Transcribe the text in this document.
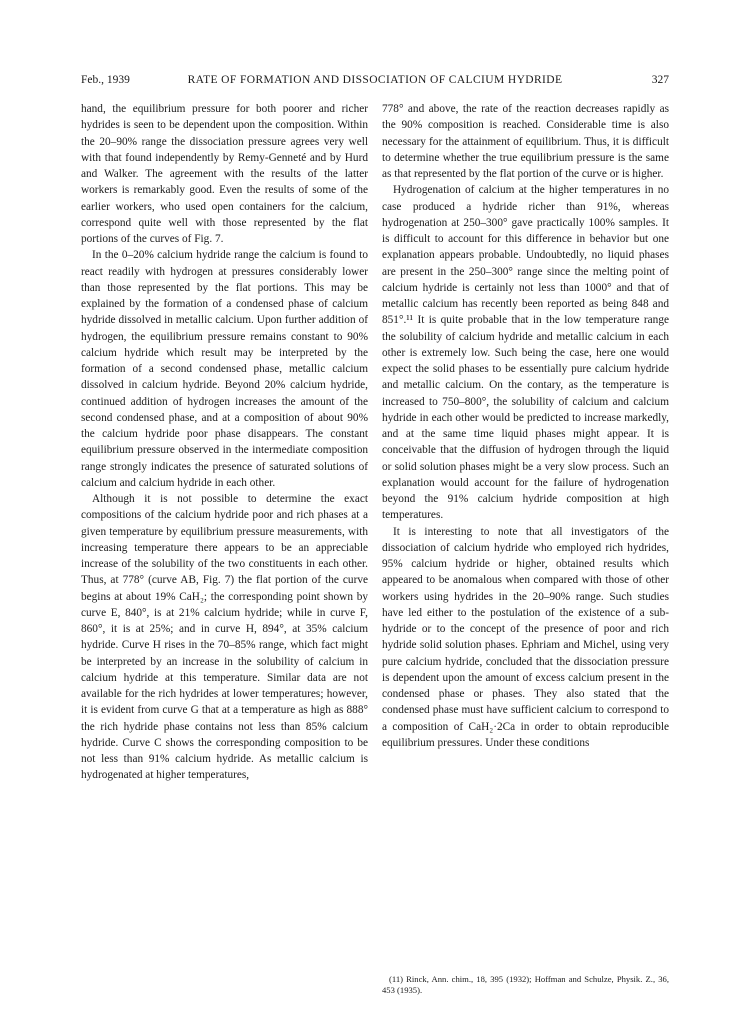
Feb., 1939	RATE OF FORMATION AND DISSOCIATION OF CALCIUM HYDRIDE	327

hand, the equilibrium pressure for both poorer and richer hydrides is seen to be dependent upon the composition. Within the 20–90% range the dissociation pressure agrees very well with that found independently by Remy-Genneté and by Hurd and Walker. The agreement with the results of the latter workers is remarkably good. Even the results of some of the earlier workers, who used open containers for the calcium, correspond quite well with those represented by the flat portions of the curves of Fig. 7.

In the 0–20% calcium hydride range the calcium is found to react readily with hydrogen at pressures considerably lower than those represented by the flat portions. This may be explained by the formation of a condensed phase of calcium hydride dissolved in metallic calcium. Upon further addition of hydrogen, the equilibrium pressure remains constant to 90% calcium hydride which result may be interpreted by the formation of a second condensed phase, metallic calcium dissolved in calcium hydride. Beyond 20% calcium hydride, continued addition of hydrogen increases the amount of the second condensed phase, and at a composition of about 90% the calcium hydride poor phase disappears. The constant equilibrium pressure observed in the intermediate composition range strongly indicates the presence of saturated solutions of calcium and calcium hydride in each other.

Although it is not possible to determine the exact compositions of the calcium hydride poor and rich phases at a given temperature by equilibrium pressure measurements, with increasing temperature there appears to be an appreciable increase of the solubility of the two constituents in each other. Thus, at 778° (curve AB, Fig. 7) the flat portion of the curve begins at about 19% CaH₂; the corresponding point shown by curve E, 840°, is at 21% calcium hydride; while in curve F, 860°, it is at 25%; and in curve H, 894°, at 35% calcium hydride. Curve H rises in the 70–85% range, which fact might be interpreted by an increase in the solubility of calcium in calcium hydride at this temperature. Similar data are not available for the rich hydrides at lower temperatures; however, it is evident from curve G that at a temperature as high as 888° the rich hydride phase contains not less than 85% calcium hydride. Curve C shows the corresponding composition to be not less than 91% calcium hydride. As metallic calcium is hydrogenated at higher temperatures,

778° and above, the rate of the reaction decreases rapidly as the 90% composition is reached. Considerable time is also necessary for the attainment of equilibrium. Thus, it is difficult to determine whether the true equilibrium pressure is the same as that represented by the flat portion of the curve or is higher.

Hydrogenation of calcium at the higher temperatures in no case produced a hydride richer than 91%, whereas hydrogenation at 250–300° gave practically 100% samples. It is difficult to account for this difference in behavior but one explanation appears probable. Undoubtedly, no liquid phases are present in the 250–300° range since the melting point of calcium hydride is certainly not less than 1000° and that of metallic calcium has recently been reported as being 848 and 851°.¹¹ It is quite probable that in the low temperature range the solubility of calcium hydride and metallic calcium in each other is extremely low. Such being the case, here one would expect the solid phases to be essentially pure calcium hydride and metallic calcium. On the contary, as the temperature is increased to 750–800°, the solubility of calcium and calcium hydride in each other would be predicted to increase markedly, and at the same time liquid phases might appear. It is conceivable that the diffusion of hydrogen through the liquid or solid solution phases might be a very slow process. Such an explanation would account for the failure of hydrogenation beyond the 91% calcium hydride composition at high temperatures.

It is interesting to note that all investigators of the dissociation of calcium hydride who employed rich hydrides, 95% calcium hydride or higher, obtained results which appeared to be anomalous when compared with those of other workers using hydrides in the 20–90% range. Such studies have led either to the postulation of the existence of a sub-hydride or to the concept of the presence of poor and rich hydride solid solution phases. Ephriam and Michel, using very pure calcium hydride, concluded that the dissociation pressure is dependent upon the amount of excess calcium present in the condensed phase or phases. They also stated that the condensed phase must have sufficient calcium to correspond to a composition of CaH₂·2Ca in order to obtain reproducible equilibrium pressures. Under these conditions

(11) Rinck, Ann. chim., 18, 395 (1932); Hoffman and Schulze, Physik. Z., 36, 453 (1935).
